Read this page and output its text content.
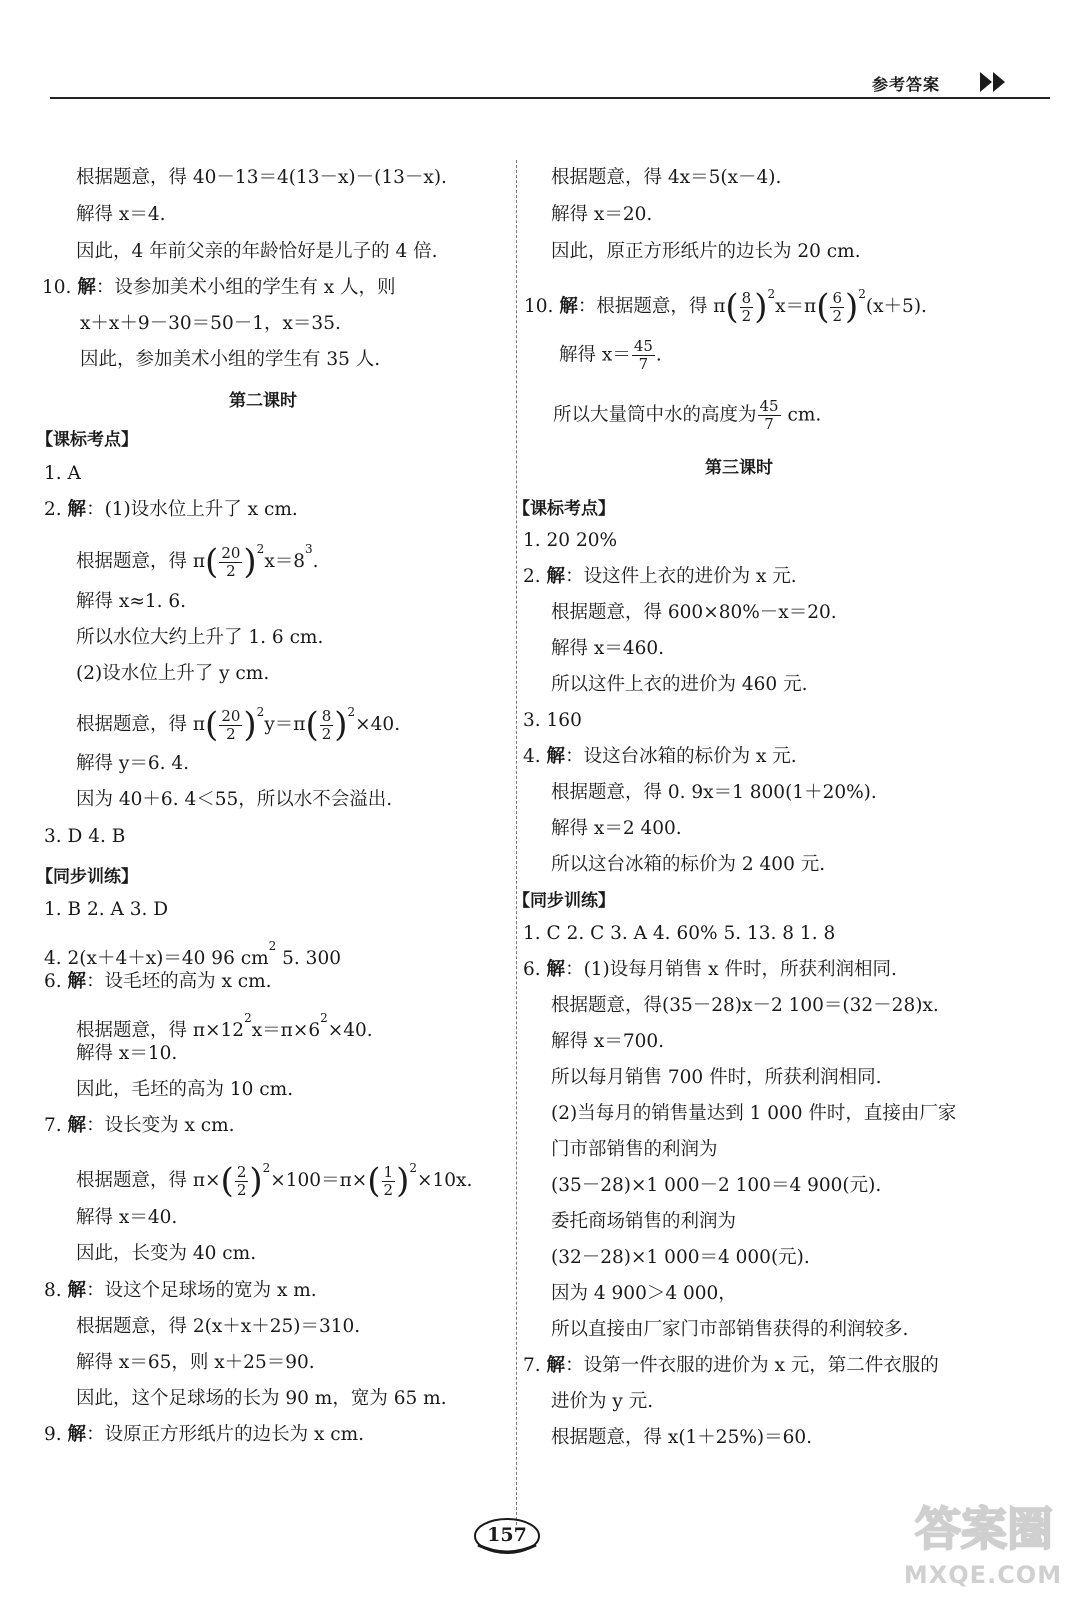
参考答案
根据题意，得 40－13＝4(13－x)－(13－x).
解得 x＝4.
因此，4 年前父亲的年龄恰好是儿子的 4 倍.
10. 解：设参加美术小组的学生有 x 人，则
x＋x＋9－30＝50－1，x＝35.
因此，参加美术小组的学生有 35 人.
第二课时
【课标考点】
1. A
2. 解：(1)设水位上升了 x cm.
根据题意，得 $\pi( \frac{20}{2} )^2x=8^3$.
解得 x≈1. 6.
所以水位大约上升了 1. 6 cm.
(2)设水位上升了 y cm.
根据题意，得 $\pi( \frac{20}{2} )^2y=\pi( \frac{8}{2} )^2\times 40$.
解得 y＝6. 4.
因为 40＋6. 4＜55，所以水不会溢出.
3. D 4. B
【同步训练】
1. B 2. A 3. D
4. 2(x＋4＋x)＝40 96 $cm^2$ 5. 300
6. 解：设毛坯的高为 x cm.
根据题意，得 $\pi\times 12^2x=\pi\times 6^2\times 40$.
解得 x＝10.
因此，毛坯的高为 10 cm.
7. 解：设长变为 x cm.
根据题意，得 $\pi\times( \frac{2}{2} )^2\times 100=\pi\times( \frac{1}{2} )^2\times 10x$.
解得 x＝40.
因此，长变为 40 cm.
8. 解：设这个足球场的宽为 x m.
根据题意，得 2(x＋x＋25)＝310.
解得 x＝65，则 x＋25＝90.
因此，这个足球场的长为 90 m，宽为 65 m.
9. 解：设原正方形纸片的边长为 x cm.
根据题意，得 4x＝5(x－4).
解得 x＝20.
因此，原正方形纸片的边长为 20 cm.
10. 解：根据题意，得 $\pi( \frac{8}{2} )^2x=\pi( \frac{6}{2} )^2(x+5)$.
解得 $x= \frac{45}{7}$ .
所以大量筒中水的高度为 $\frac{45}{7}$ cm.
第三课时
【课标考点】
1. 20 20%
2. 解：设这件上衣的进价为 x 元.
根据题意，得 600×80%－x＝20.
解得 x＝460.
所以这件上衣的进价为 460 元.
3. 160
4. 解：设这台冰箱的标价为 x 元.
根据题意，得 0. 9x＝1 800(1＋20%).
解得 x＝2 400.
所以这台冰箱的标价为 2 400 元.
【同步训练】
1. C 2. C 3. A 4. 60% 5. 13. 8 1. 8
6. 解：(1)设每月销售 x 件时，所获利润相同.
根据题意，得(35－28)x－2 100＝(32－28)x.
解得 x＝700.
所以每月销售 700 件时，所获利润相同.
(2)当每月的销售量达到 1 000 件时，直接由厂家
门市部销售的利润为
(35－28)×1 000－2 100＝4 900(元).
委托商场销售的利润为
(32－28)×1 000＝4 000(元).
因为 4 900＞4 000，
所以直接由厂家门市部销售获得的利润较多.
7. 解：设第一件衣服的进价为 x 元，第二件衣服的
进价为 y 元.
根据题意，得 x(1＋25%)＝60.
157	答案圈
MXQE.COM
